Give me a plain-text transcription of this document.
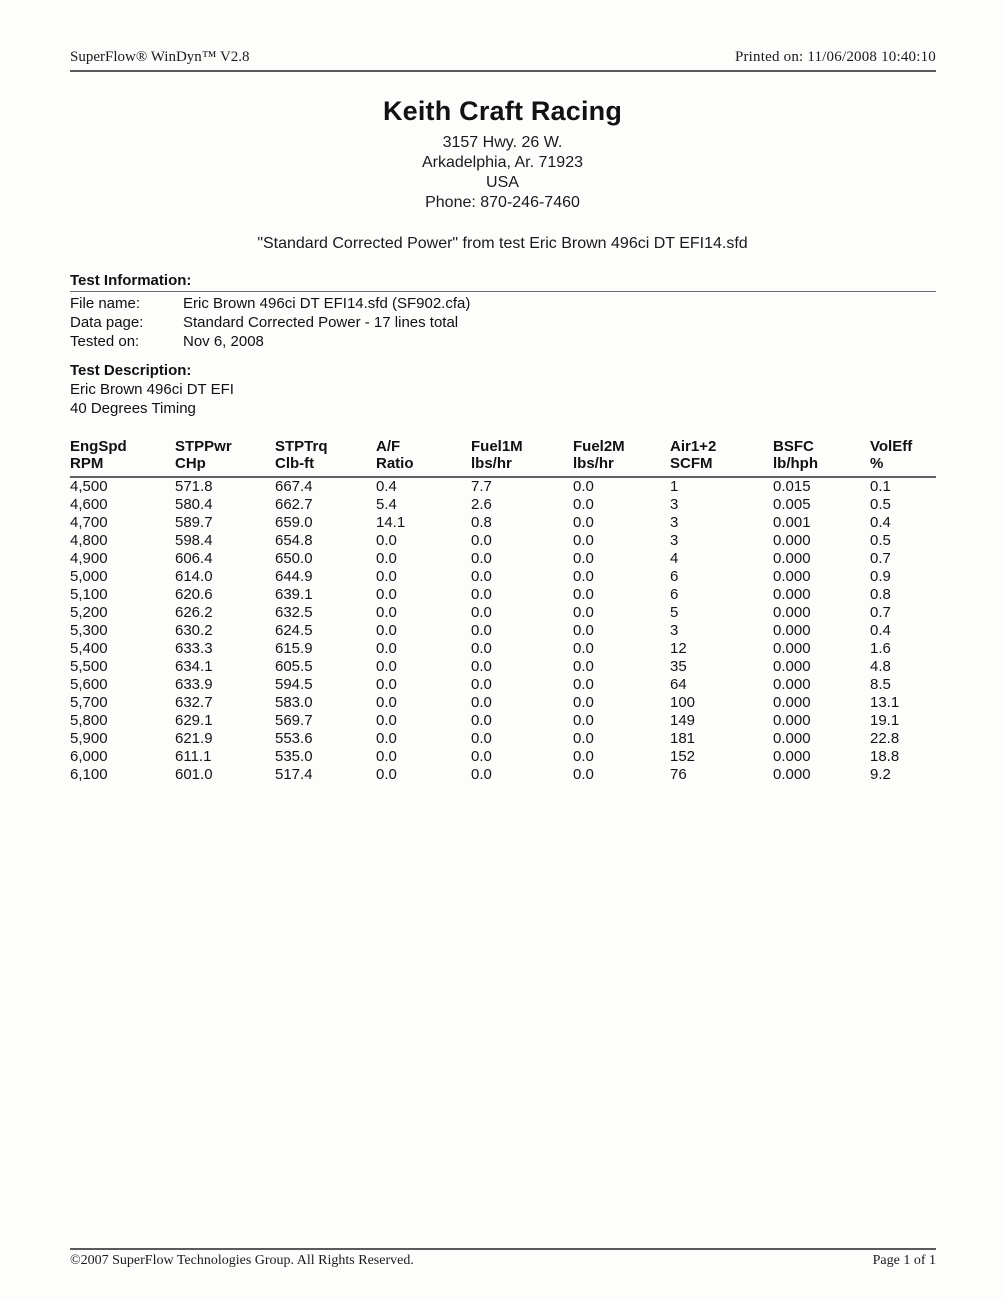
SuperFlow® WinDyn™ V2.8	Printed on: 11/06/2008 10:40:10
Keith Craft Racing
3157 Hwy. 26 W.
Arkadelphia, Ar. 71923
USA
Phone: 870-246-7460
"Standard Corrected Power" from test Eric Brown 496ci DT EFI14.sfd
Test Information:
File name:	Eric Brown 496ci DT EFI14.sfd (SF902.cfa)
Data page:	Standard Corrected Power - 17 lines total
Tested on:	Nov 6, 2008
Test Description:
Eric Brown 496ci DT EFI
40 Degrees Timing
EngSpd	STPPwr	STPTrq	A/F	Fuel1M	Fuel2M	Air1+2	BSFC	VolEff

RPM	CHp	Clb-ft	Ratio	lbs/hr	lbs/hr	SCFM	lb/hph	%

4,500	571.8	667.4	0.4	7.7	0.0	1	0.015	0.1
4,600	580.4	662.7	5.4	2.6	0.0	3	0.005	0.5
4,700	589.7	659.0	14.1	0.8	0.0	3	0.001	0.4
4,800	598.4	654.8	0.0	0.0	0.0	3	0.000	0.5
4,900	606.4	650.0	0.0	0.0	0.0	4	0.000	0.7
5,000	614.0	644.9	0.0	0.0	0.0	6	0.000	0.9
5,100	620.6	639.1	0.0	0.0	0.0	6	0.000	0.8
5,200	626.2	632.5	0.0	0.0	0.0	5	0.000	0.7
5,300	630.2	624.5	0.0	0.0	0.0	3	0.000	0.4
5,400	633.3	615.9	0.0	0.0	0.0	12	0.000	1.6
5,500	634.1	605.5	0.0	0.0	0.0	35	0.000	4.8
5,600	633.9	594.5	0.0	0.0	0.0	64	0.000	8.5
5,700	632.7	583.0	0.0	0.0	0.0	100	0.000	13.1
5,800	629.1	569.7	0.0	0.0	0.0	149	0.000	19.1
5,900	621.9	553.6	0.0	0.0	0.0	181	0.000	22.8
6,000	611.1	535.0	0.0	0.0	0.0	152	0.000	18.8
6,100	601.0	517.4	0.0	0.0	0.0	76	0.000	9.2
©2007 SuperFlow Technologies Group. All Rights Reserved.	Page 1 of 1
